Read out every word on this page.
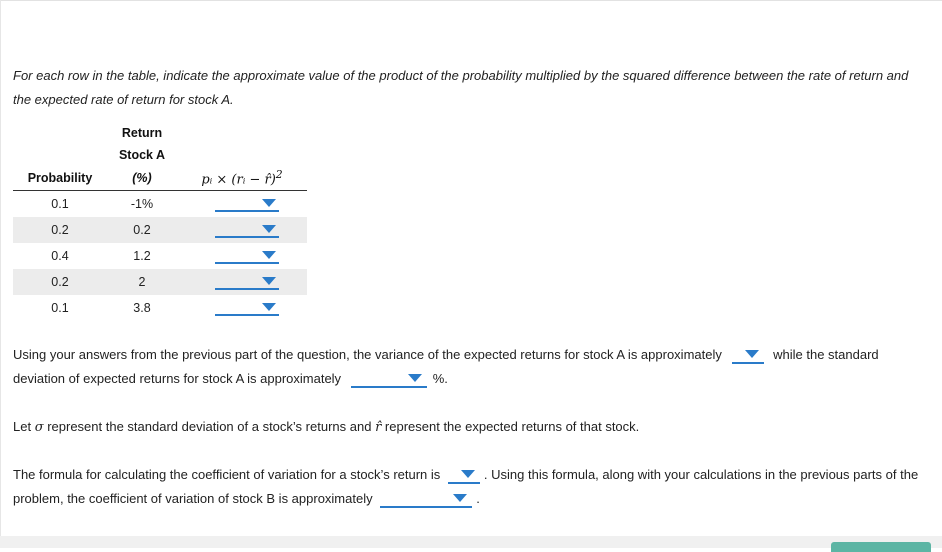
For each row in the table, indicate the approximate value of the product of the probability multiplied by the squared difference between the rate of return and the expected rate of return for stock A.
	Return	
	Stock A	
Probability	(%)	pᵢ × (rᵢ − r̂)$^2$
0.1	-1%	

0.2	0.2	

0.4	1.2	

0.2	2	

0.1	3.8	
Using your answers from the previous part of the question, the variance of the expected returns for stock A is approximately	while the standard deviation of expected returns for stock A is approximately	%.
Let σ represent the standard deviation of a stock’s returns and r̂ represent the expected returns of that stock.
The formula for calculating the coefficient of variation for a stock’s return is	. Using this formula, along with your calculations in the previous parts of the problem, the coefficient of variation of stock B is approximately	.
